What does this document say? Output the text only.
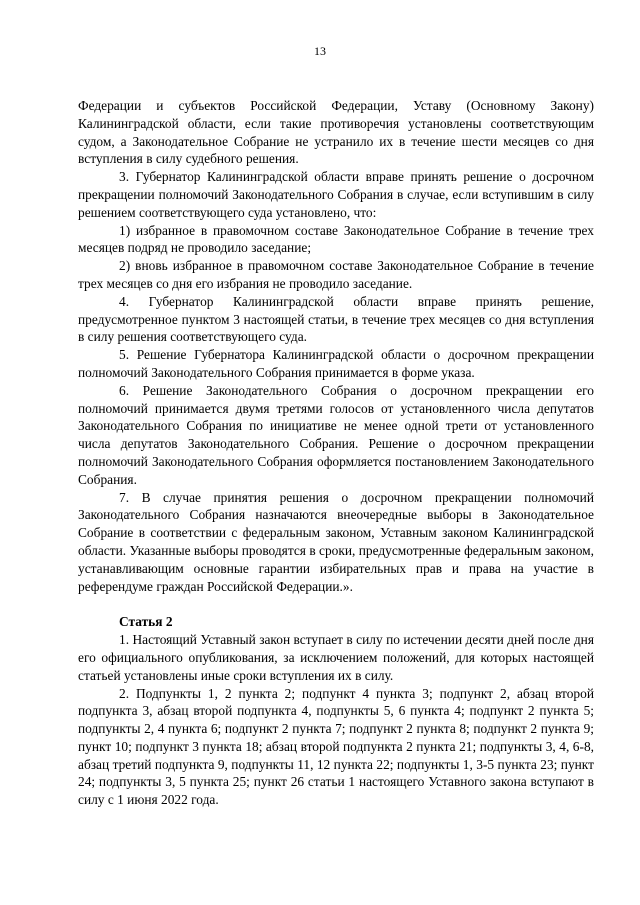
13

Федерации и субъектов Российской Федерации, Уставу (Основному Закону) Калининградской области, если такие противоречия установлены соответствующим судом, а Законодательное Собрание не устранило их в течение шести месяцев со дня вступления в силу судебного решения.

3. Губернатор Калининградской области вправе принять решение о досрочном прекращении полномочий Законодательного Собрания в случае, если вступившим в силу решением соответствующего суда установлено, что:

1) избранное в правомочном составе Законодательное Собрание в течение трех месяцев подряд не проводило заседание;

2) вновь избранное в правомочном составе Законодательное Собрание в течение трех месяцев со дня его избрания не проводило заседание.

4. Губернатор Калининградской области вправе принять решение, предусмотренное пунктом 3 настоящей статьи, в течение трех месяцев со дня вступления в силу решения соответствующего суда.

5. Решение Губернатора Калининградской области о досрочном прекращении полномочий Законодательного Собрания принимается в форме указа.

6. Решение Законодательного Собрания о досрочном прекращении его полномочий принимается двумя третями голосов от установленного числа депутатов Законодательного Собрания по инициативе не менее одной трети от установленного числа депутатов Законодательного Собрания. Решение о досрочном прекращении полномочий Законодательного Собрания оформляется постановлением Законодательного Собрания.

7. В случае принятия решения о досрочном прекращении полномочий Законодательного Собрания назначаются внеочередные выборы в Законодательное Собрание в соответствии с федеральным законом, Уставным законом Калининградской области. Указанные выборы проводятся в сроки, предусмотренные федеральным законом, устанавливающим основные гарантии избирательных прав и права на участие в референдуме граждан Российской Федерации.».

Статья 2

1. Настоящий Уставный закон вступает в силу по истечении десяти дней после дня его официального опубликования, за исключением положений, для которых настоящей статьей установлены иные сроки вступления их в силу.

2. Подпункты 1, 2 пункта 2; подпункт 4 пункта 3; подпункт 2, абзац второй подпункта 3, абзац второй подпункта 4, подпункты 5, 6 пункта 4; подпункт 2 пункта 5; подпункты 2, 4 пункта 6; подпункт 2 пункта 7; подпункт 2 пункта 8; подпункт 2 пункта 9; пункт 10; подпункт 3 пункта 18; абзац второй подпункта 2 пункта 21; подпункты 3, 4, 6-8, абзац третий подпункта 9, подпункты 11, 12 пункта 22; подпункты 1, 3-5 пункта 23; пункт 24; подпункты 3, 5 пункта 25; пункт 26 статьи 1 настоящего Уставного закона вступают в силу с 1 июня 2022 года.
